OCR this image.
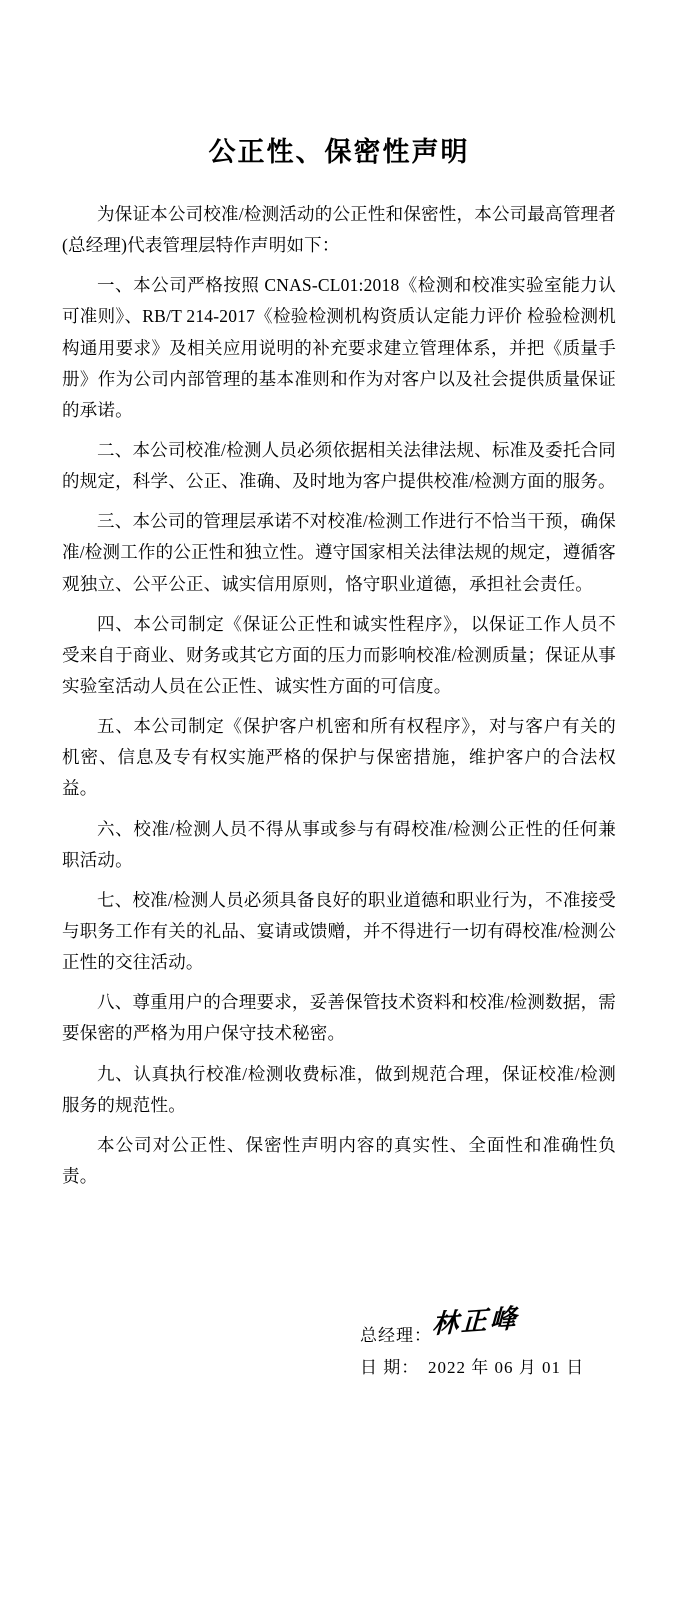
公正性、保密性声明

为保证本公司校准/检测活动的公正性和保密性，本公司最高管理者(总经理)代表管理层特作声明如下：

一、本公司严格按照 CNAS-CL01:2018《检测和校准实验室能力认可准则》、RB/T 214-2017《检验检测机构资质认定能力评价 检验检测机构通用要求》及相关应用说明的补充要求建立管理体系，并把《质量手册》作为公司内部管理的基本准则和作为对客户以及社会提供质量保证的承诺。

二、本公司校准/检测人员必须依据相关法律法规、标准及委托合同的规定，科学、公正、准确、及时地为客户提供校准/检测方面的服务。

三、本公司的管理层承诺不对校准/检测工作进行不恰当干预，确保准/检测工作的公正性和独立性。遵守国家相关法律法规的规定，遵循客观独立、公平公正、诚实信用原则，恪守职业道德，承担社会责任。

四、本公司制定《保证公正性和诚实性程序》，以保证工作人员不受来自于商业、财务或其它方面的压力而影响校准/检测质量；保证从事实验室活动人员在公正性、诚实性方面的可信度。

五、本公司制定《保护客户机密和所有权程序》，对与客户有关的机密、信息及专有权实施严格的保护与保密措施，维护客户的合法权益。

六、校准/检测人员不得从事或参与有碍校准/检测公正性的任何兼职活动。

七、校准/检测人员必须具备良好的职业道德和职业行为，不准接受与职务工作有关的礼品、宴请或馈赠，并不得进行一切有碍校准/检测公正性的交往活动。

八、尊重用户的合理要求，妥善保管技术资料和校准/检测数据，需要保密的严格为用户保守技术秘密。

九、认真执行校准/检测收费标准，做到规范合理，保证校准/检测服务的规范性。

本公司对公正性、保密性声明内容的真实性、全面性和准确性负责。

总经理： 林正峰
日 期： 2022 年 06 月 01 日
